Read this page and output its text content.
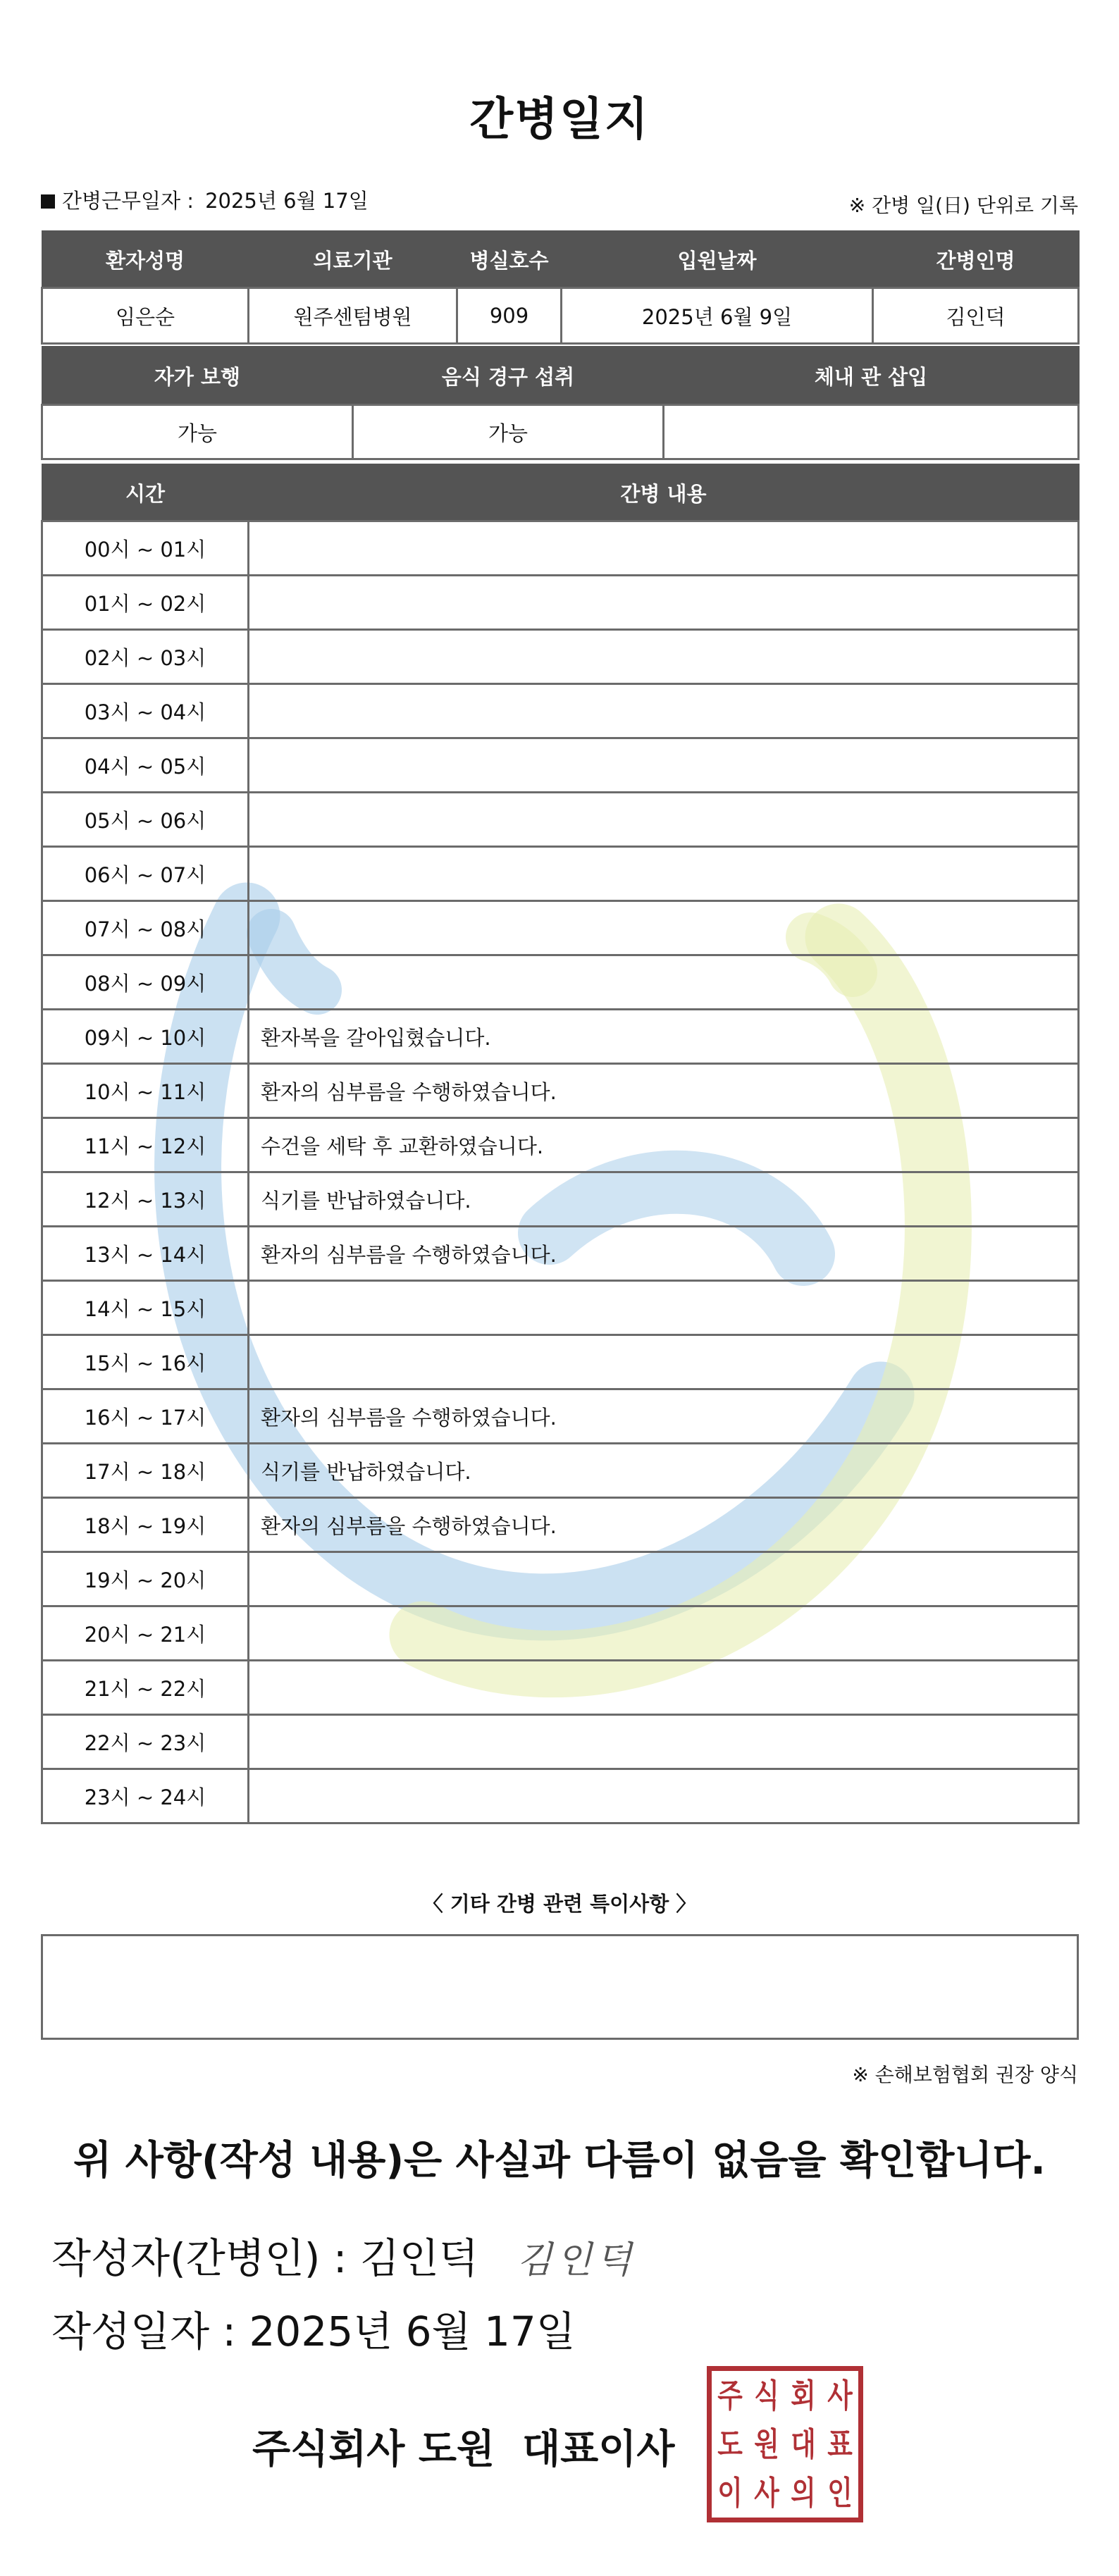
간병일지
간병근무일자 : 2025년 6월 17일	※ 간병 일(日) 단위로 기록
환자성명	의료기관	병실호수	입원날짜	간병인명
임은순	원주센텀병원	909	2025년 6월 9일	김인덕
자가 보행	음식 경구 섭취	체내 관 삽입
가능	가능	
시간	간병 내용
00시 ~ 01시	
01시 ~ 02시	
02시 ~ 03시	
03시 ~ 04시	
04시 ~ 05시	
05시 ~ 06시	
06시 ~ 07시	
07시 ~ 08시	
08시 ~ 09시	
09시 ~ 10시	환자복을 갈아입혔습니다.
10시 ~ 11시	환자의 심부름을 수행하였습니다.
11시 ~ 12시	수건을 세탁 후 교환하였습니다.
12시 ~ 13시	식기를 반납하였습니다.
13시 ~ 14시	환자의 심부름을 수행하였습니다.
14시 ~ 15시	
15시 ~ 16시	
16시 ~ 17시	환자의 심부름을 수행하였습니다.
17시 ~ 18시	식기를 반납하였습니다.
18시 ~ 19시	환자의 심부름을 수행하였습니다.
19시 ~ 20시	
20시 ~ 21시	
21시 ~ 22시	
22시 ~ 23시	
23시 ~ 24시	
〈 기타 간병 관련 특이사항 〉
※ 손해보험협회 권장 양식
위 사항(작성 내용)은 사실과 다름이 없음을 확인합니다.
작성자(간병인) : 김인덕 김인덕
작성일자 : 2025년 6월 17일
주식회사 도원  대표이사
주 식 회 사
도 원 대 표
이 사 의 인
